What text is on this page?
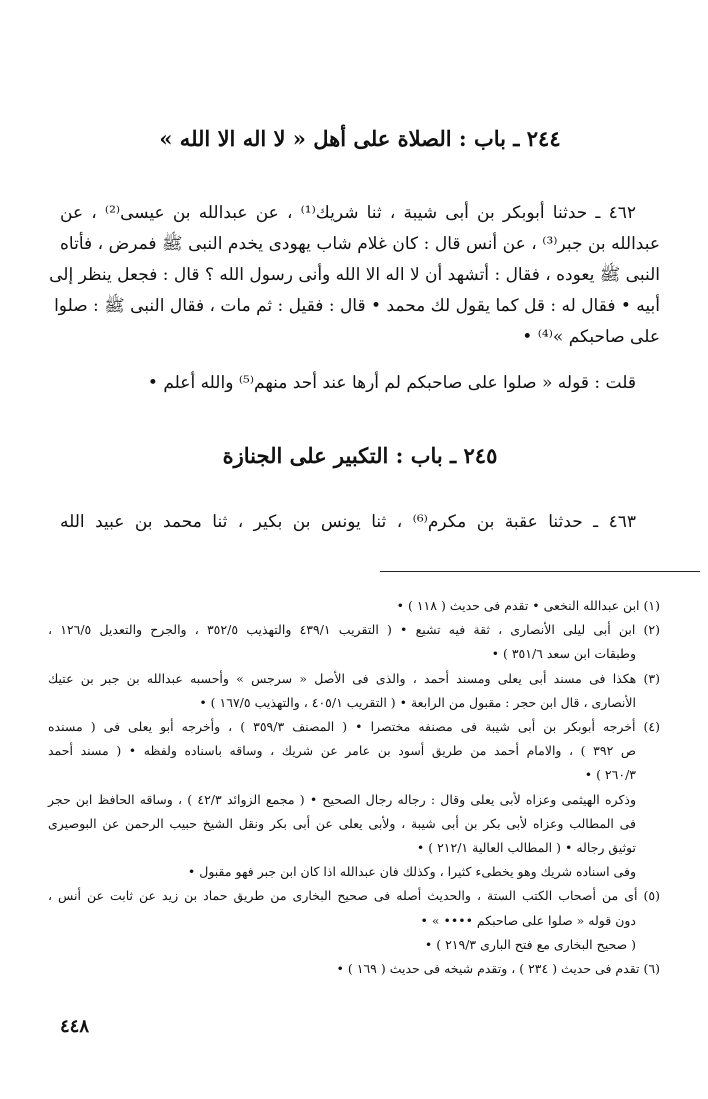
٢٤٤ ـ باب : الصلاة على أهل « لا اله الا الله »
٤٦٢ ـ حدثنا أبوبكر بن أبى شيبة ، ثنا شريك⁽¹⁾ ، عن عبدالله بن عيسى⁽²⁾ ، عن
عبدالله بن جبر⁽³⁾ ، عن أنس قال : كان غلام شاب يهودى يخدم النبى ﷺ فمرض ، فأتاه
النبى ﷺ يعوده ، فقال : أتشهد أن لا اله الا الله وأنى رسول الله ؟ قال : فجعل ينظر إلى
أبيه • فقال له : قل كما يقول لك محمد • قال : فقيل : ثم مات ، فقال النبى ﷺ : صلوا
على صاحبكم »⁽⁴⁾ •
قلت : قوله « صلوا على صاحبكم لم أرها عند أحد منهم⁽⁵⁾ والله أعلم •
٢٤٥ ـ باب : التكبير على الجنازة
٤٦٣ ـ حدثنا عقبة بن مكرم⁽⁶⁾ ، ثنا يونس بن بكير ، ثنا محمد بن عبيد الله
(١) ابن عبدالله النخعى • تقدم فى حديث ( ١١٨ ) •
(٢) ابن أبى ليلى الأنصارى ، ثقة فيه تشيع • ( التقريب ٤٣٩/١ والتهذيب ٣٥٢/٥ ، والجرح والتعديل ١٢٦/٥ ،
وطبقات ابن سعد ٣٥١/٦ ) •
(٣) هكذا فى مسند أبى يعلى ومسند أحمد ، والذى فى الأصل « سرجس » وأحسبه عبدالله بن جبر بن عتيك
الأنصارى ، قال ابن حجر : مقبول من الرابعة • ( التقريب ٤٠٥/١ ، والتهذيب ١٦٧/٥ ) •
(٤) أخرجه أبوبكر بن أبى شيبة فى مصنفه مختصرا • ( المصنف ٣٥٩/٣ ) ، وأخرجه أبو يعلى فى ( مسنده
ص ٣٩٢ ) ، والامام أحمد من طريق أسود بن عامر عن شريك ، وساقه باسناده ولفظه • ( مسند أحمد
٢٦٠/٣ ) •
وذكره الهيثمى وعزاه لأبى يعلى وقال : رجاله رجال الصحيح • ( مجمع الزوائد ٤٢/٣ ) ، وساقه الحافظ ابن حجر
فى المطالب وعزاه لأبى بكر بن أبى شيبة ، ولأبى يعلى عن أبى بكر ونقل الشيخ حبيب الرحمن عن البوصيرى
توثيق رجاله • ( المطالب العالية ٢١٢/١ ) •
وفى اسناده شريك وهو يخطىء كثيرا ، وكذلك فان عبدالله اذا كان ابن جبر فهو مقبول •
(٥) أى من أصحاب الكتب الستة ، والحديث أصله فى صحيح البخارى من طريق حماد بن زيد عن ثابت عن أنس ،
دون قوله « صلوا على صاحبكم •••• » •
( صحيح البخارى مع فتح البارى ٢١٩/٣ ) •
(٦) تقدم فى حديث ( ٢٣٤ ) ، وتقدم شيخه فى حديث ( ١٦٩ ) •
٤٤٨
